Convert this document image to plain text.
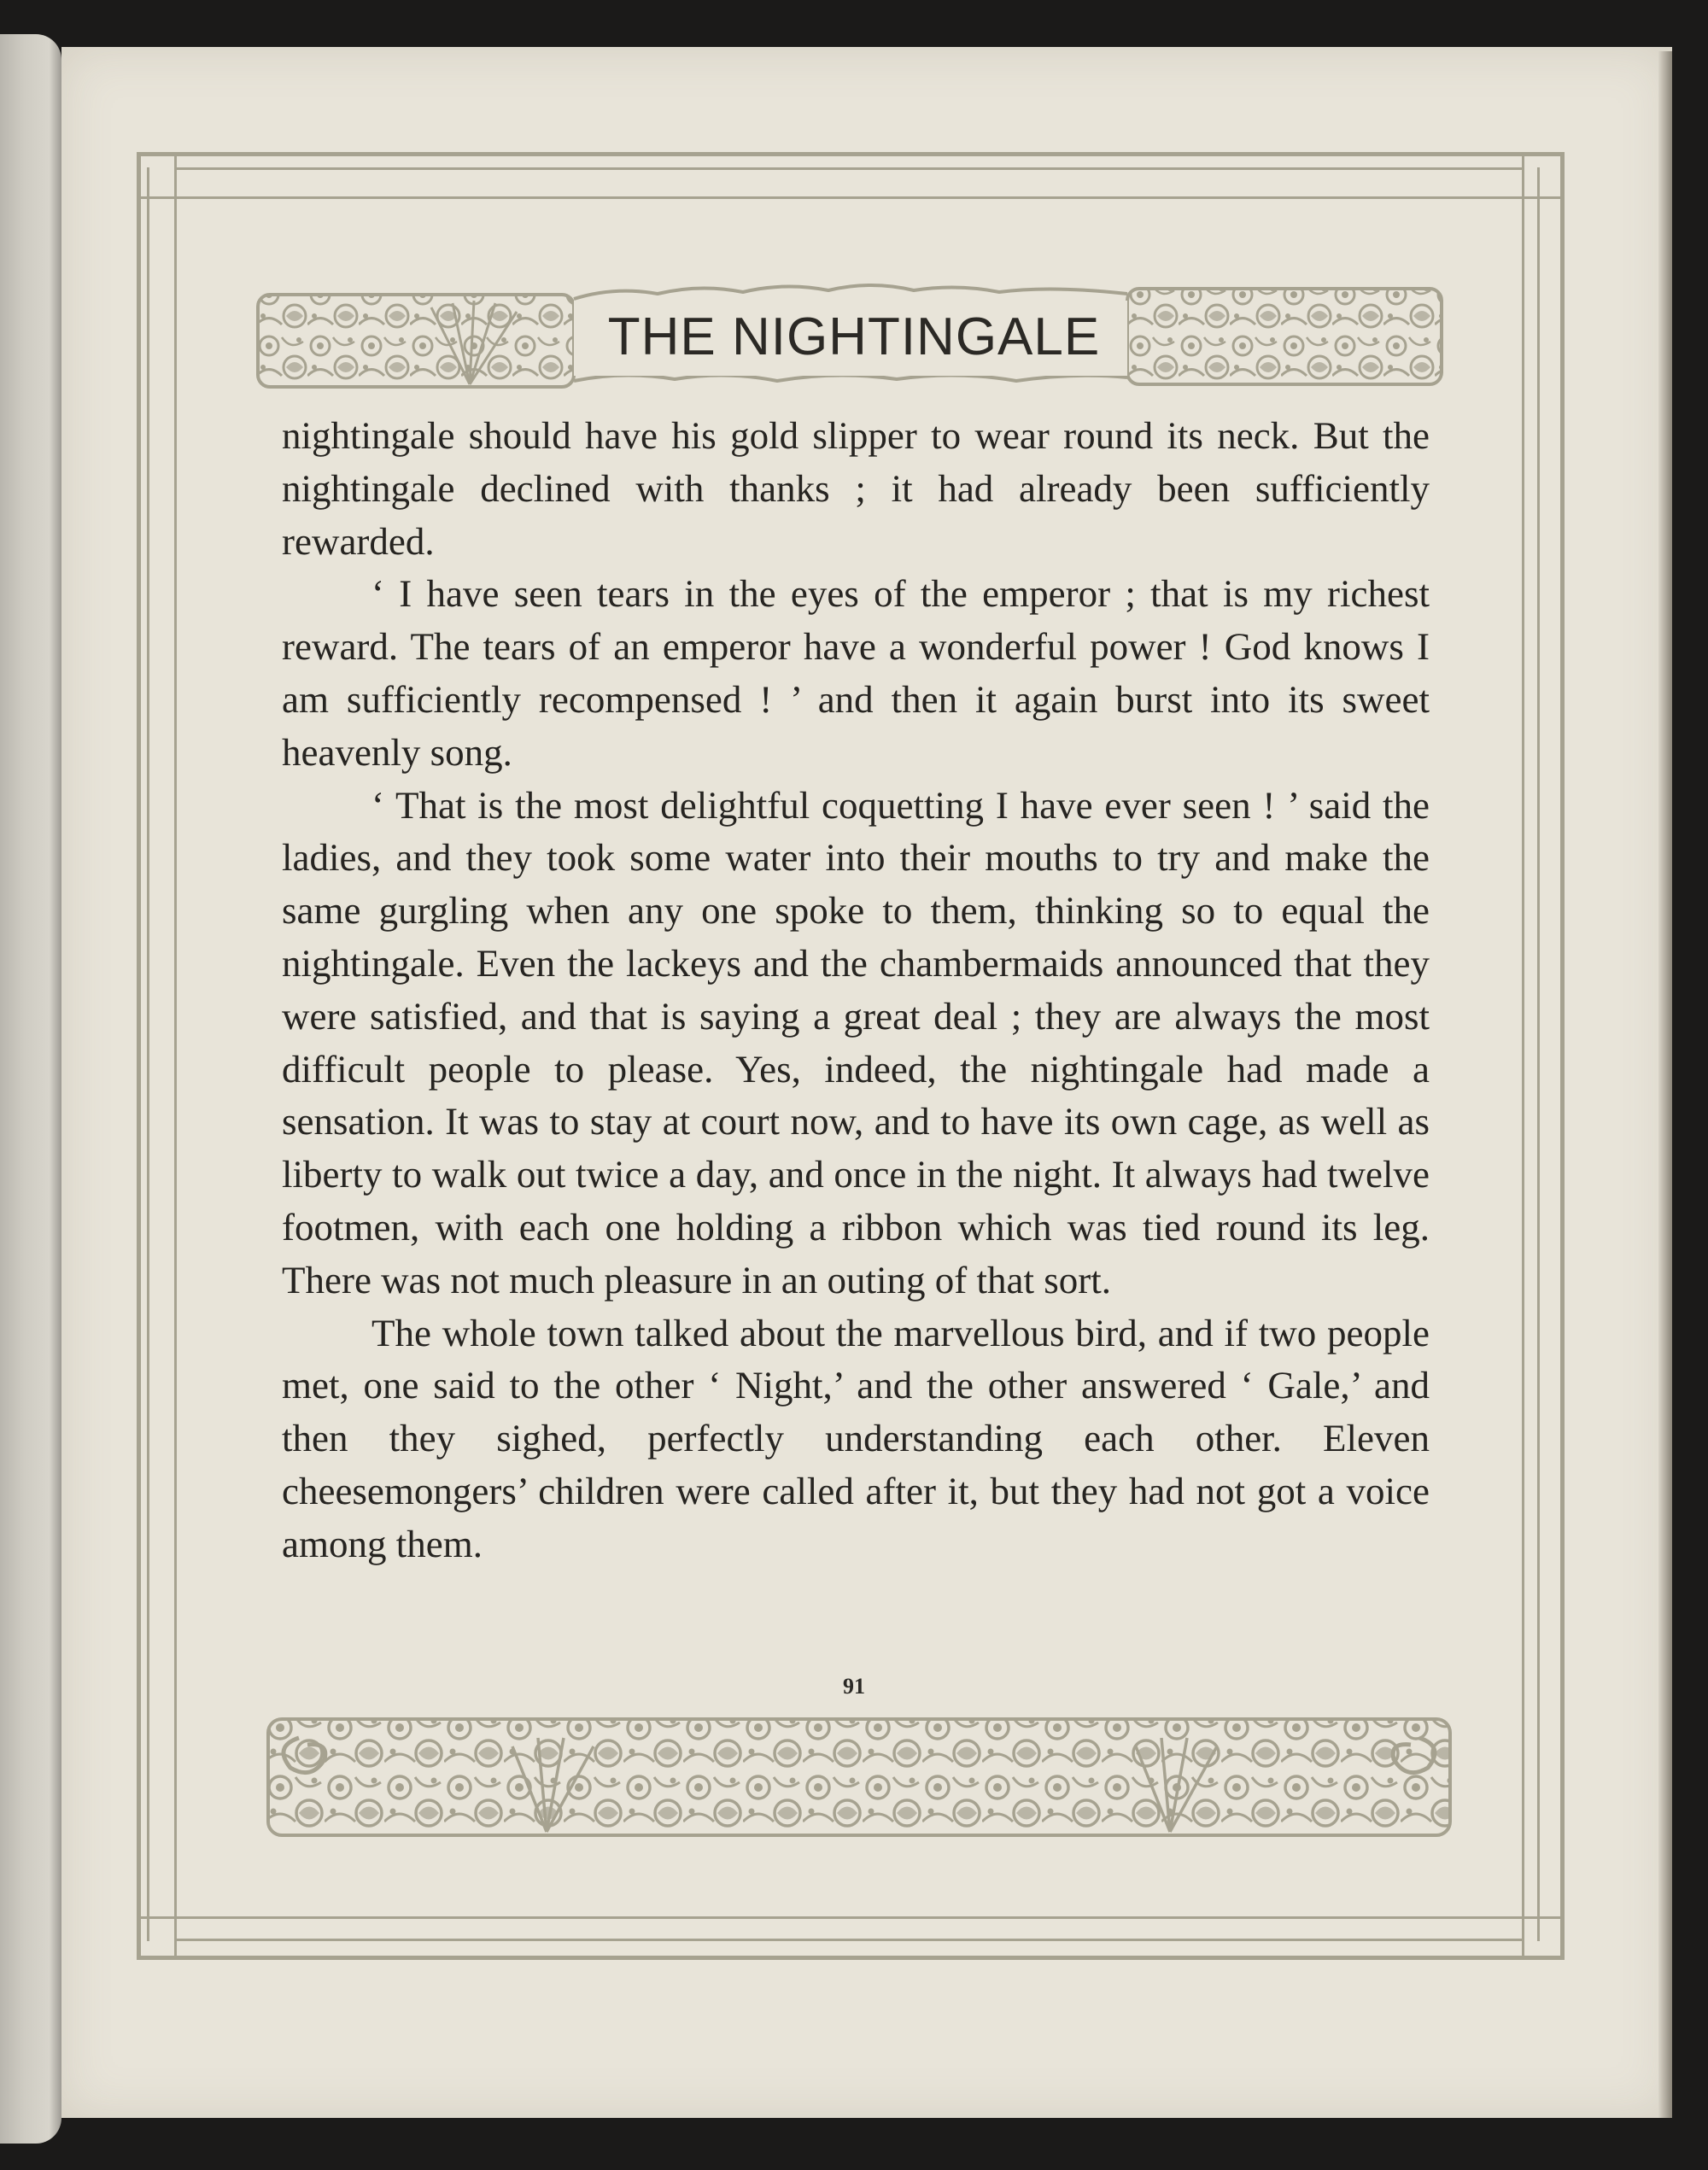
THE NIGHTINGALE

nightingale should have his gold slipper to wear round its neck. But the nightingale declined with thanks ; it had already been sufficiently rewarded.

‘ I have seen tears in the eyes of the emperor ; that is my richest reward. The tears of an emperor have a wonderful power ! God knows I am sufficiently recompensed ! ’ and then it again burst into its sweet heavenly song.

‘ That is the most delightful coquetting I have ever seen ! ’ said the ladies, and they took some water into their mouths to try and make the same gurgling when any one spoke to them, thinking so to equal the nightingale. Even the lackeys and the chambermaids announced that they were satisfied, and that is saying a great deal ; they are always the most difficult people to please. Yes, indeed, the nightingale had made a sensation. It was to stay at court now, and to have its own cage, as well as liberty to walk out twice a day, and once in the night. It always had twelve footmen, with each one holding a ribbon which was tied round its leg. There was not much pleasure in an outing of that sort.

The whole town talked about the marvellous bird, and if two people met, one said to the other ‘ Night,’ and the other answered ‘ Gale,’ and then they sighed, perfectly understanding each other. Eleven cheesemongers’ children were called after it, but they had not got a voice among them.

91
